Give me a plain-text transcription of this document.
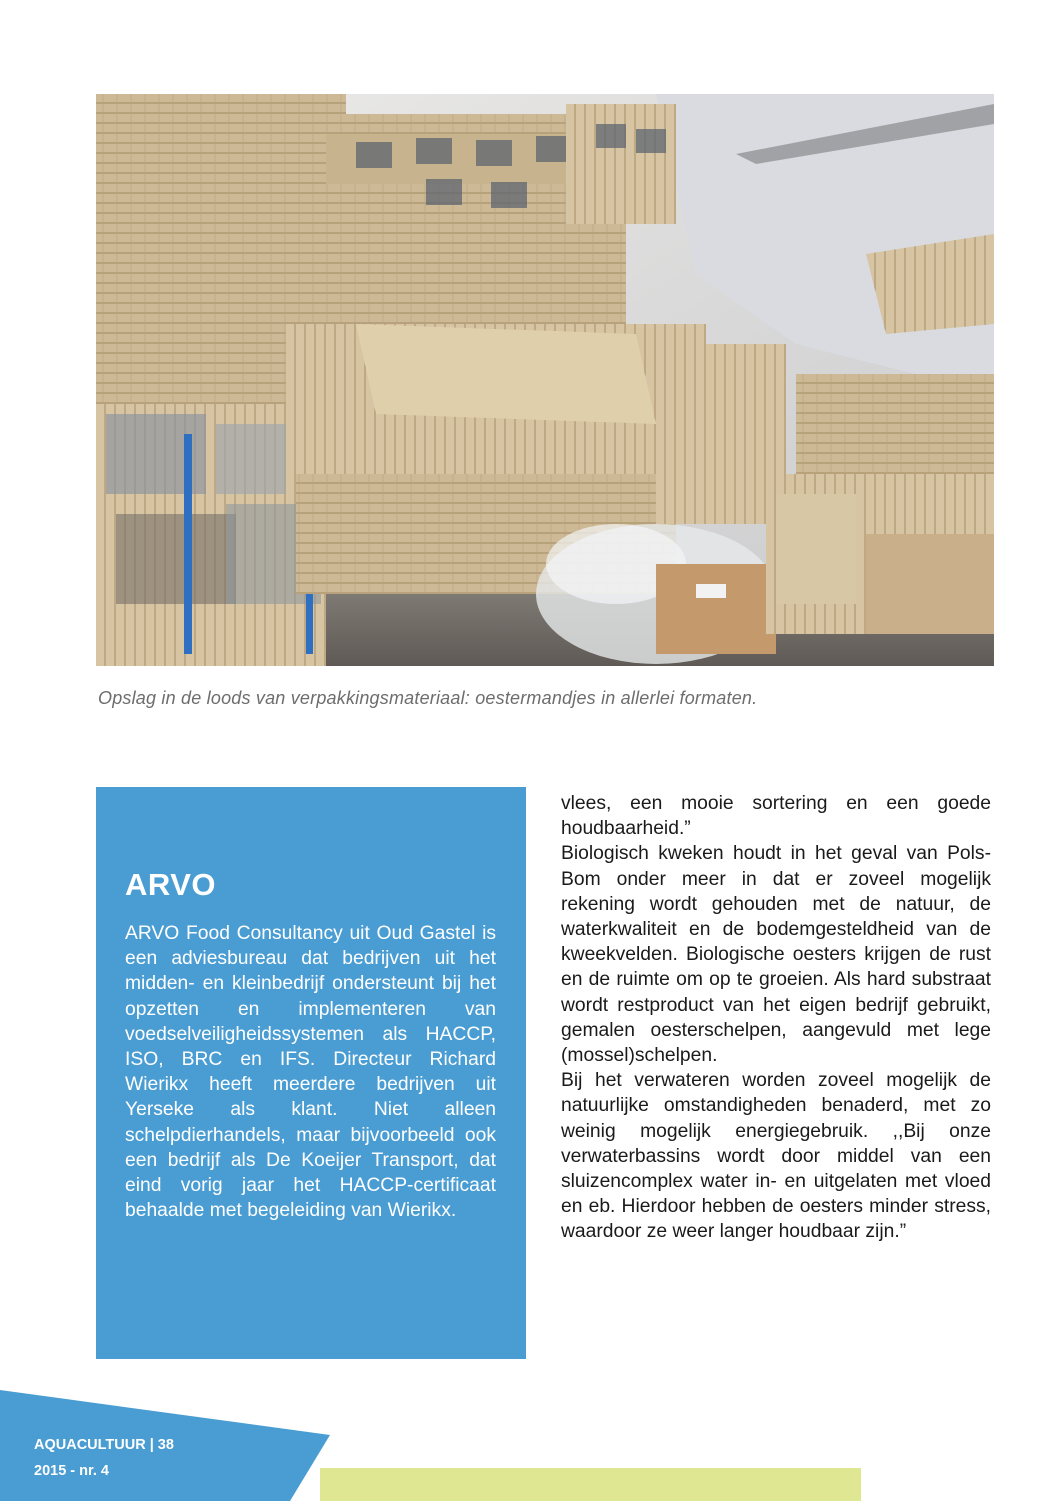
Opslag in de loods van verpakkingsmateriaal: oestermandjes in allerlei formaten.
ARVO

ARVO Food Consultancy uit Oud Gastel is een adviesbureau dat bedrijven uit het midden- en kleinbedrijf ondersteunt bij het opzetten en implementeren van voedselveiligheidssystemen als HACCP, ISO, BRC en IFS. Directeur Richard Wierikx heeft meerdere bedrijven uit Yerseke als klant. Niet alleen schelpdierhandels, maar bijvoorbeeld ook een bedrijf als De Koeijer Transport, dat eind vorig jaar het HACCP-certificaat behaalde met begeleiding van Wierikx.

vlees, een mooie sortering en een goede houdbaarheid.”

Biologisch kweken houdt in het geval van Pols-Bom onder meer in dat er zoveel mogelijk rekening wordt gehouden met de natuur, de waterkwaliteit en de bodemgesteldheid van de kweekvelden. Biologische oesters krijgen de rust en de ruimte om op te groeien. Als hard substraat wordt restproduct van het eigen bedrijf gebruikt, gemalen oesterschelpen, aangevuld met lege (mossel)schelpen.

Bij het verwateren worden zoveel mogelijk de natuurlijke omstandigheden benaderd, met zo weinig mogelijk energiegebruik. ,,Bij onze verwaterbassins wordt door middel van een sluizencomplex water in- en uitgelaten met vloed en eb. Hierdoor hebben de oesters minder stress, waardoor ze weer langer houdbaar zijn.”

AQUACULTUUR | 38
2015 - nr. 4
